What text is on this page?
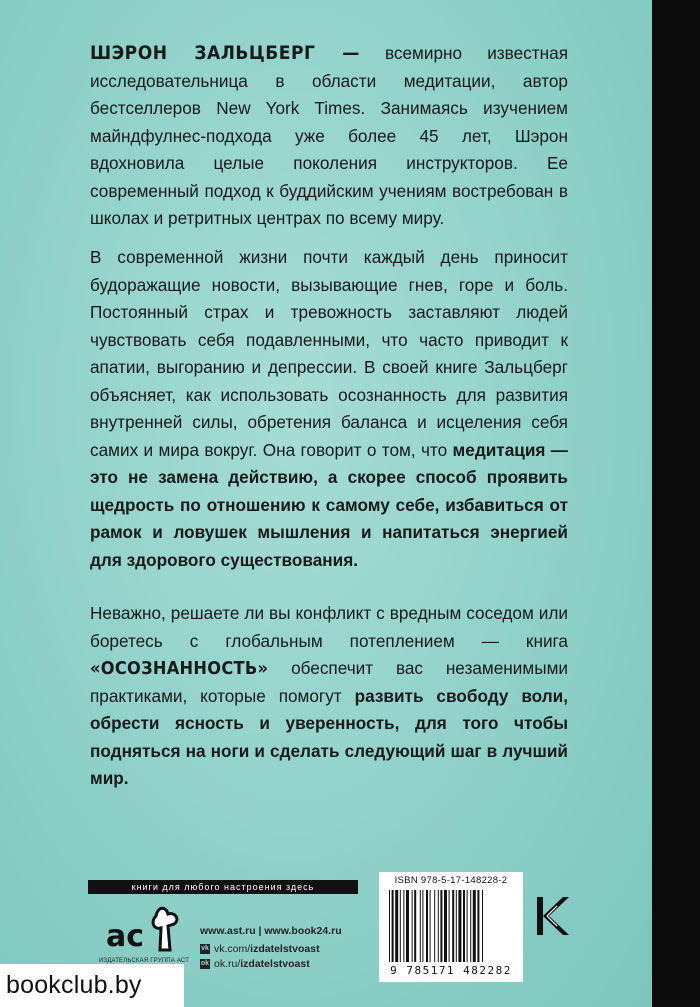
ШЭРОН ЗАЛЬЦБЕРГ — всемирно известная исследовательница в области медитации, автор бестселлеров New York Times. Занимаясь изучением майндфулнес-подхода уже более 45 лет, Шэрон вдохновила целые поколения инструкторов. Ее современный подход к буддийским учениям востребован в школах и ретритных центрах по всему миру.

В современной жизни почти каждый день приносит будоражащие новости, вызывающие гнев, горе и боль. Постоянный страх и тревожность заставляют людей чувствовать себя подавленными, что часто приводит к апатии, выгоранию и депрессии. В своей книге Зальцберг объясняет, как использовать осознанность для развития внутренней силы, обретения баланса и исцеления себя самих и мира вокруг. Она говорит о том, что медитация — это не замена действию, а скорее способ проявить щедрость по отношению к самому себе, избавиться от рамок и ловушек мышления и напитаться энергией для здорового существования.

Неважно, решаете ли вы конфликт с вредным соседом или боретесь с глобальным потеплением — книга «ОСОЗНАННОСТЬ» обеспечит вас незаменимыми практиками, которые помогут развить свободу воли, обрести ясность и уверенность, для того чтобы подняться на ноги и сделать следующий шаг в лучший мир.

книги для любого настроения здесь
ас
ИЗДАТЕЛЬСКАЯ ГРУППА АСТ
www.ast.ru | www.book24.ru
vk vk.com/izdatelstvoast
ok ok.ru/izdatelstvoast
ISBN 978-5-17-148228-2
9 785171 482282
bookclub.by
